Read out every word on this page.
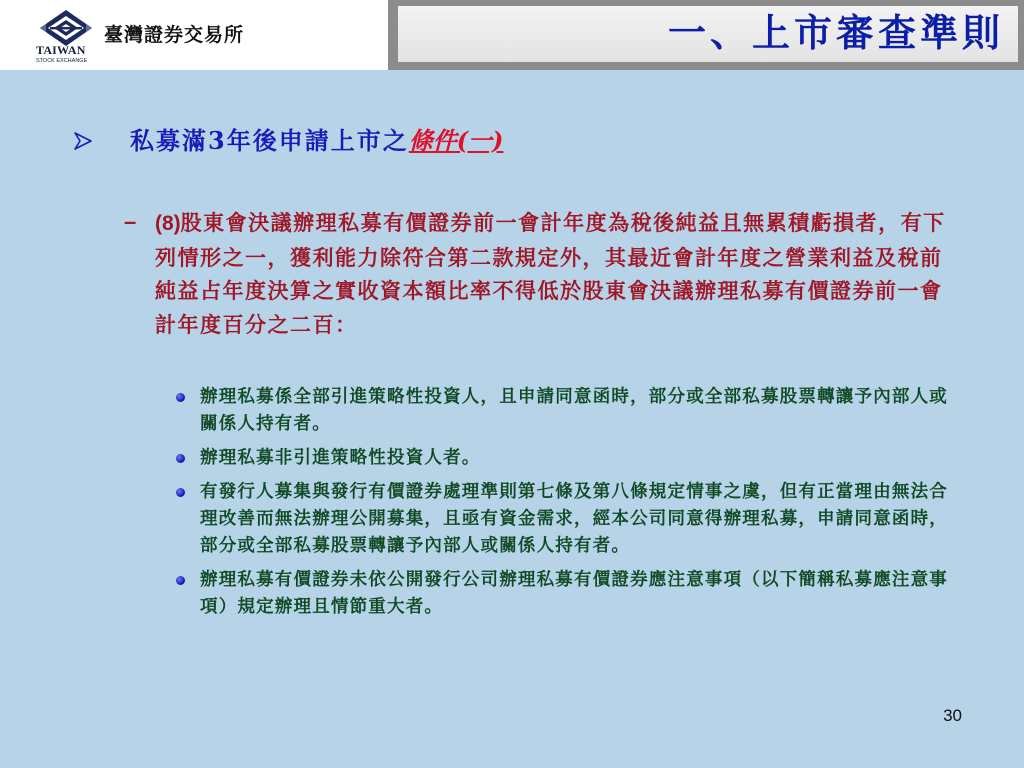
TAIWAN
STOCK EXCHANGE
臺灣證券交易所	一、上市審查準則
私募滿3年後申請上市之條件(一)
– (8)股東會決議辦理私募有價證券前一會計年度為稅後純益且無累積虧損者，有下列情形之一，獲利能力除符合第二款規定外，其最近會計年度之營業利益及稅前純益占年度決算之實收資本額比率不得低於股東會決議辦理私募有價證券前一會計年度百分之二百：
辦理私募係全部引進策略性投資人，且申請同意函時，部分或全部私募股票轉讓予內部人或關係人持有者。
辦理私募非引進策略性投資人者。
有發行人募集與發行有價證券處理準則第七條及第八條規定情事之虞，但有正當理由無法合理改善而無法辦理公開募集，且亟有資金需求，經本公司同意得辦理私募，申請同意函時，部分或全部私募股票轉讓予內部人或關係人持有者。
辦理私募有價證券未依公開發行公司辦理私募有價證券應注意事項（以下簡稱私募應注意事項）規定辦理且情節重大者。
30
